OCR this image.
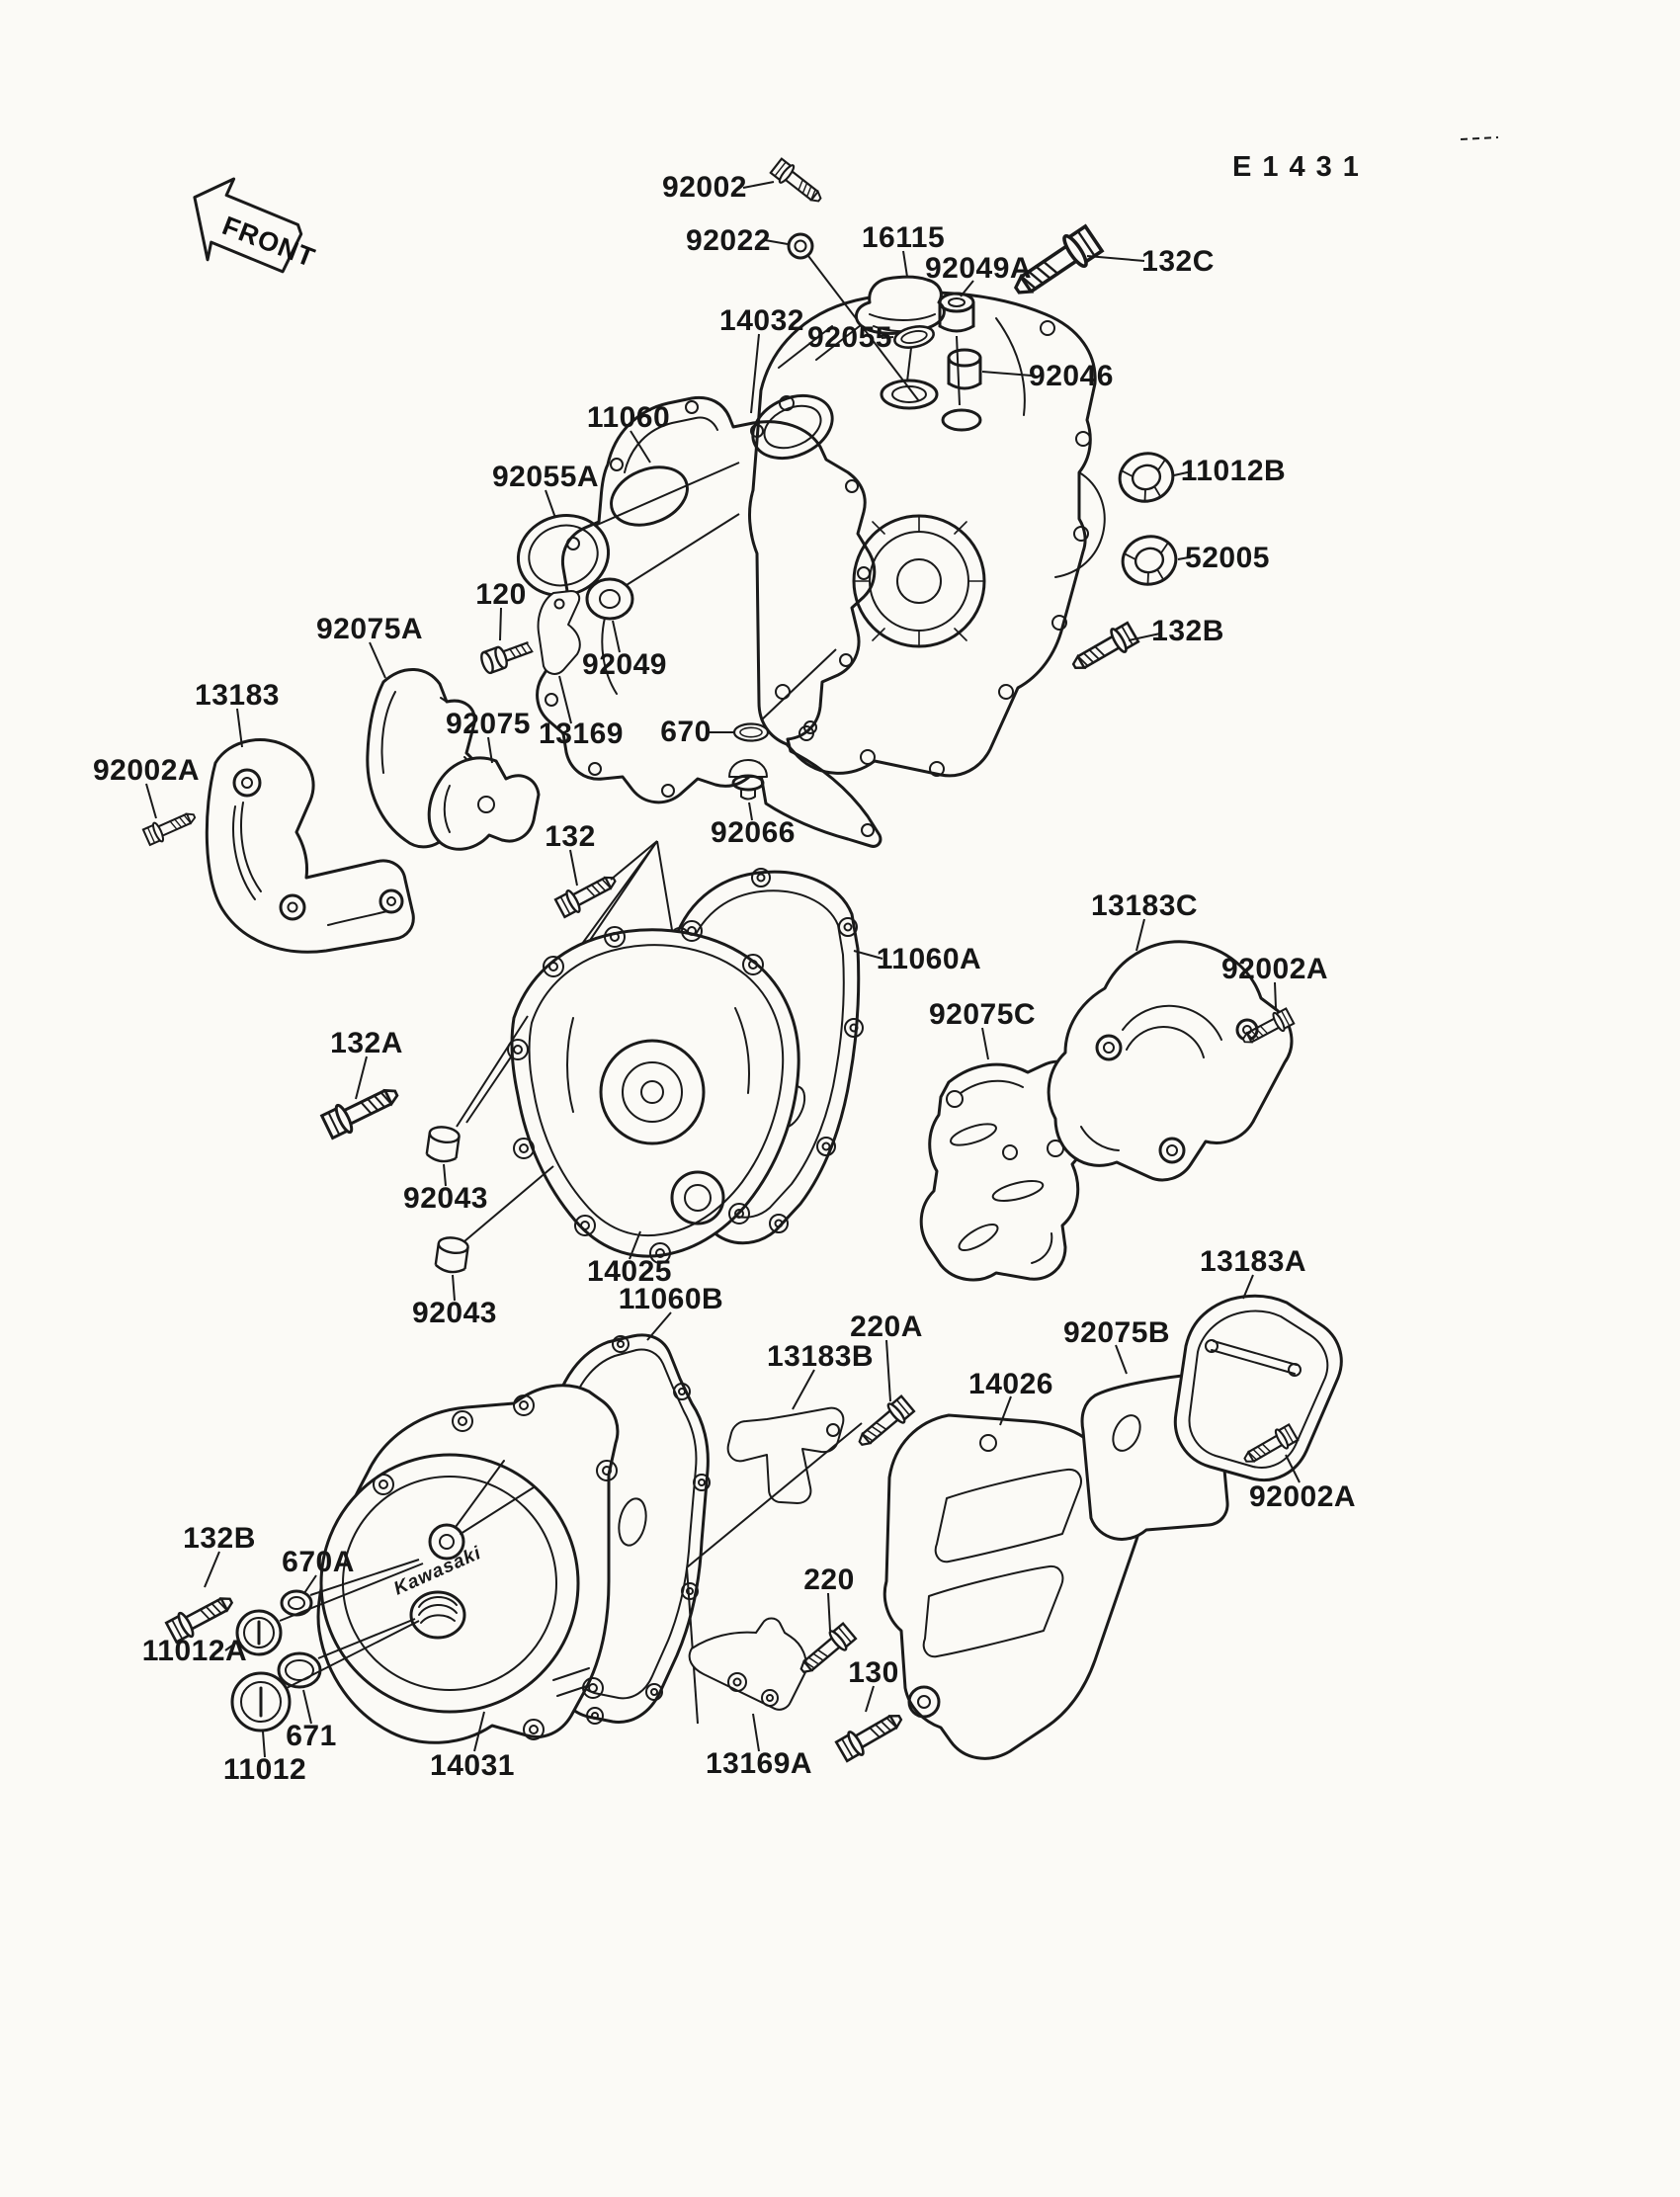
FRONT
E1431
Kawasaki
92002
92022	16115
92049A	132C
14032
92055
92046
11060
11012B
92055A
52005
132B
120
92049
92075A
13183
92075 13169
92002A
670
92066
132
13183C
11060A	92002A
92075C
132A
92043
14025
92043	11060B
13183A
220A
13183B
92075B
14026
92002A
132B
670A
11012A
220
130
11012
671
14031	13169A
